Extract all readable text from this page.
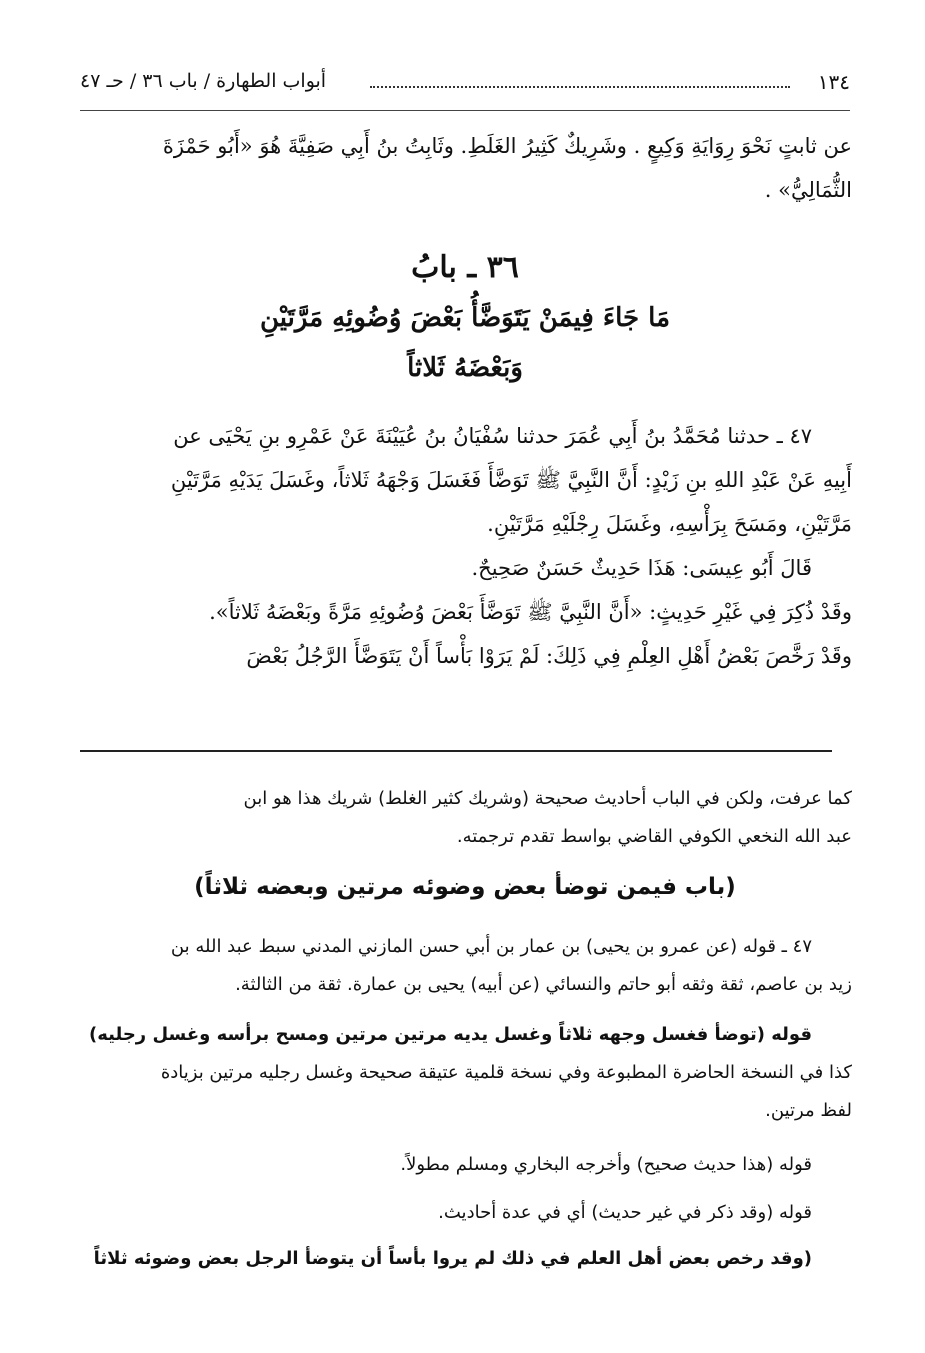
١٣٤
أبواب الطهارة / باب ٣٦ / حـ ٤٧
عن ثابتٍ نَحْوَ رِوَايَةِ وَكِيعٍ . وشَرِيكٌ كَثِيرُ الغَلَطِ. وثَابِتُ بنُ أَبِي صَفِيَّةَ هُوَ «أَبُو حَمْزَةَ
الثُّمَالِيُّ» .
٣٦ ـ بابُ
مَا جَاءَ فِيمَنْ يَتَوَضَّأُ بَعْضَ وُضُوئِهِ مَرَّتَيْنِ
وَبَعْضَهُ ثَلاثاً
٤٧ ـ حدثنا مُحَمَّدُ بنُ أَبِي عُمَرَ حدثنا سُفْيَانُ بنُ عُيَيْنَةَ عَنْ عَمْرِو بنِ يَحْيَى عن
أَبِيهِ عَنْ عَبْدِ اللهِ بنِ زَيْدٍ: أَنَّ النَّبِيَّ ﷺ تَوَضَّأَ فَغَسَلَ وَجْهَهُ ثَلاثاً، وغَسَلَ يَدَيْهِ مَرَّتَيْنِ
مَرَّتَيْنِ، ومَسَحَ بِرَأْسِهِ، وغَسَلَ رِجْلَيْهِ مَرَّتَيْنِ.
قَالَ أَبُو عِيسَى: هَذَا حَدِيثٌ حَسَنٌ صَحِيحٌ.
وقَدْ ذُكِرَ فِي غَيْرِ حَدِيثٍ: «أَنَّ النَّبِيَّ ﷺ تَوَضَّأَ بَعْضَ وُضُوئِهِ مَرَّةً وبَعْضَهُ ثَلاثاً».
وقَدْ رَخَّصَ بَعْضُ أَهْلِ العِلْمِ فِي ذَلِكَ: لَمْ يَرَوْا بَأْساً أَنْ يَتَوَضَّأَ الرَّجُلُ بَعْضَ
كما عرفت، ولكن في الباب أحاديث صحيحة (وشريك كثير الغلط) شريك هذا هو ابن
عبد الله النخعي الكوفي القاضي بواسط تقدم ترجمته.
(باب فيمن توضأ بعض وضوئه مرتين وبعضه ثلاثاً)
٤٧ ـ قوله (عن عمرو بن يحيى) بن عمار بن أبي حسن المازني المدني سبط عبد الله بن
زيد بن عاصم، ثقة وثقه أبو حاتم والنسائي (عن أبيه) يحيى بن عمارة. ثقة من الثالثة.
قوله (توضأ فغسل وجهه ثلاثاً وغسل يديه مرتين مرتين ومسح برأسه وغسل رجليه)
كذا في النسخة الحاضرة المطبوعة وفي نسخة قلمية عتيقة صحيحة وغسل رجليه مرتين بزيادة
لفظ مرتين.
قوله (هذا حديث صحيح) وأخرجه البخاري ومسلم مطولاً.
قوله (وقد ذكر في غير حديث) أي في عدة أحاديث.
(وقد رخص بعض أهل العلم في ذلك لم يروا بأساً أن يتوضأ الرجل بعض وضوئه ثلاثاً
